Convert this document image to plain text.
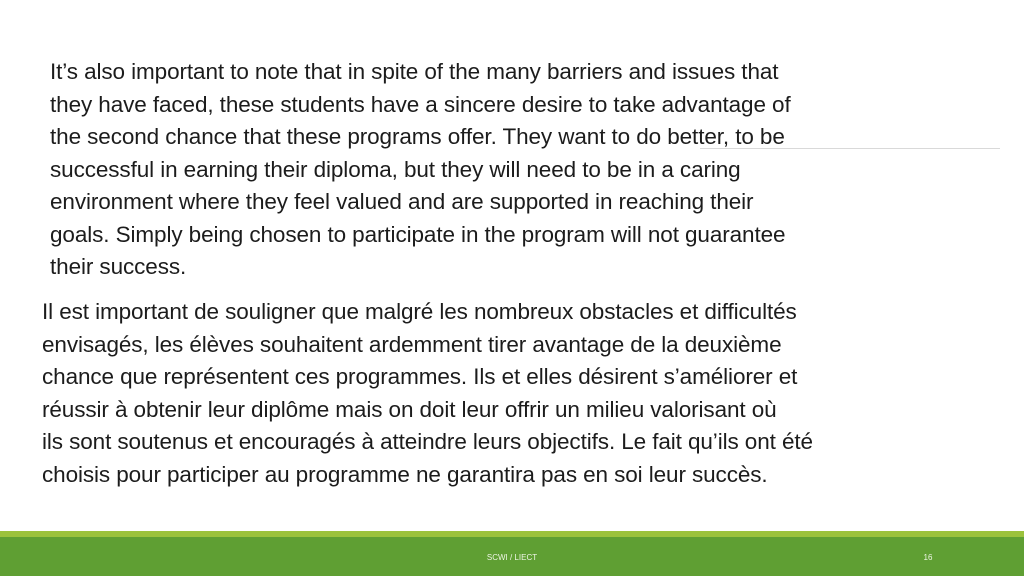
It’s also important to note that in spite of the many barriers and issues that
they have faced, these students have a sincere desire to take advantage of
the second chance that these programs offer. They want to do better, to be
successful in earning their diploma, but they will need to be in a caring
environment where they feel valued and are supported in reaching their
goals. Simply being chosen to participate in the program will not guarantee
their success.

Il est important de souligner que malgré les nombreux obstacles et difficultés
envisagés, les élèves souhaitent ardemment tirer avantage de la deuxième
chance que représentent ces programmes. Ils et elles désirent s’améliorer et
réussir à obtenir leur diplôme mais on doit leur offrir un milieu valorisant où
ils sont soutenus et encouragés à atteindre leurs objectifs. Le fait qu’ils ont été
choisis pour participer au programme ne garantira pas en soi leur succès.

SCWI / LIECT	16
